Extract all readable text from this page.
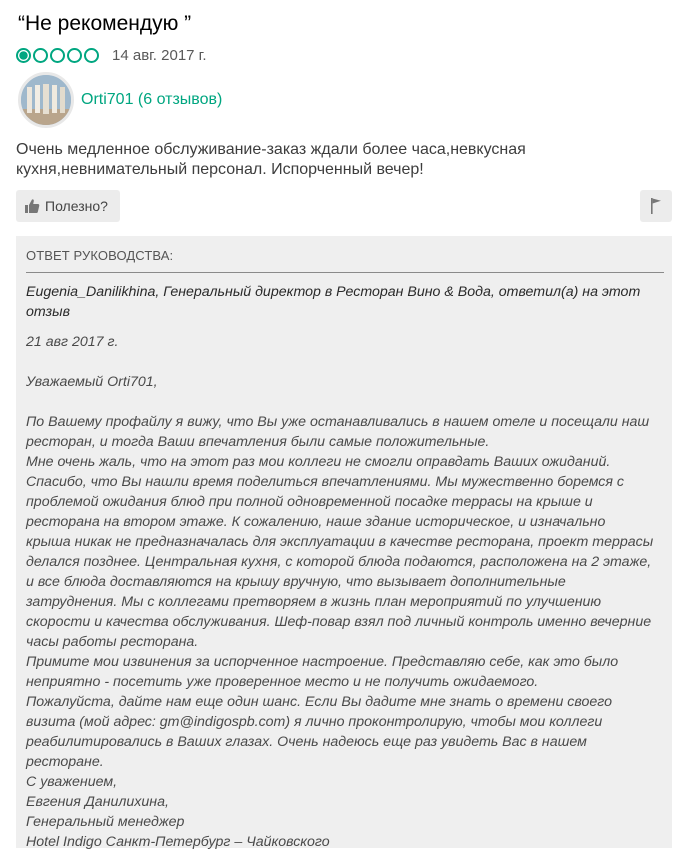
“Не рекомендую ”
14 авг. 2017 г.
Orti701 (6 отзывов)
Очень медленное обслуживание-заказ ждали более часа,невкусная кухня,невнимательный персонал. Испорченный вечер!
Полезно?
ОТВЕТ РУКОВОДСТВА:
Eugenia_Danilikhina, Генеральный директор в Ресторан Вино & Вода, ответил(а) на этот отзыв

21 авг 2017 г.

Уважаемый Orti701,

По Вашему профайлу я вижу, что Вы уже останавливались в нашем отеле и посещали наш ресторан, и тогда Ваши впечатления были самые положительные.

Мне очень жаль, что на этот раз мои коллеги не смогли оправдать Ваших ожиданий. Спасибо, что Вы нашли время поделиться впечатлениями. Мы мужественно боремся с проблемой ожидания блюд при полной одновременной посадке террасы на крыше и ресторана на втором этаже. К сожалению, наше здание историческое, и изначально крыша никак не предназначалась для эксплуатации в качестве ресторана, проект террасы делался позднее. Центральная кухня, с которой блюда подаются, расположена на 2 этаже, и все блюда доставляются на крышу вручную, что вызывает дополнительные затруднения. Мы с коллегами претворяем в жизнь план мероприятий по улучшению скорости и качества обслуживания. Шеф-повар взял под личный контроль именно вечерние часы работы ресторана.

Примите мои извинения за испорченное настроение. Представляю себе, как это было неприятно - посетить уже проверенное место и не получить ожидаемого.

Пожалуйста, дайте нам еще один шанс. Если Вы дадите мне знать о времени своего визита (мой адрес: gm@indigospb.com) я лично проконтролирую, чтобы мои коллеги реабилитировались в Ваших глазах. Очень надеюсь еще раз увидеть Вас в нашем ресторане.

С уважением,

Евгения Данилихина,

Генеральный менеджер

Hotel Indigo Санкт-Петербург – Чайковского
